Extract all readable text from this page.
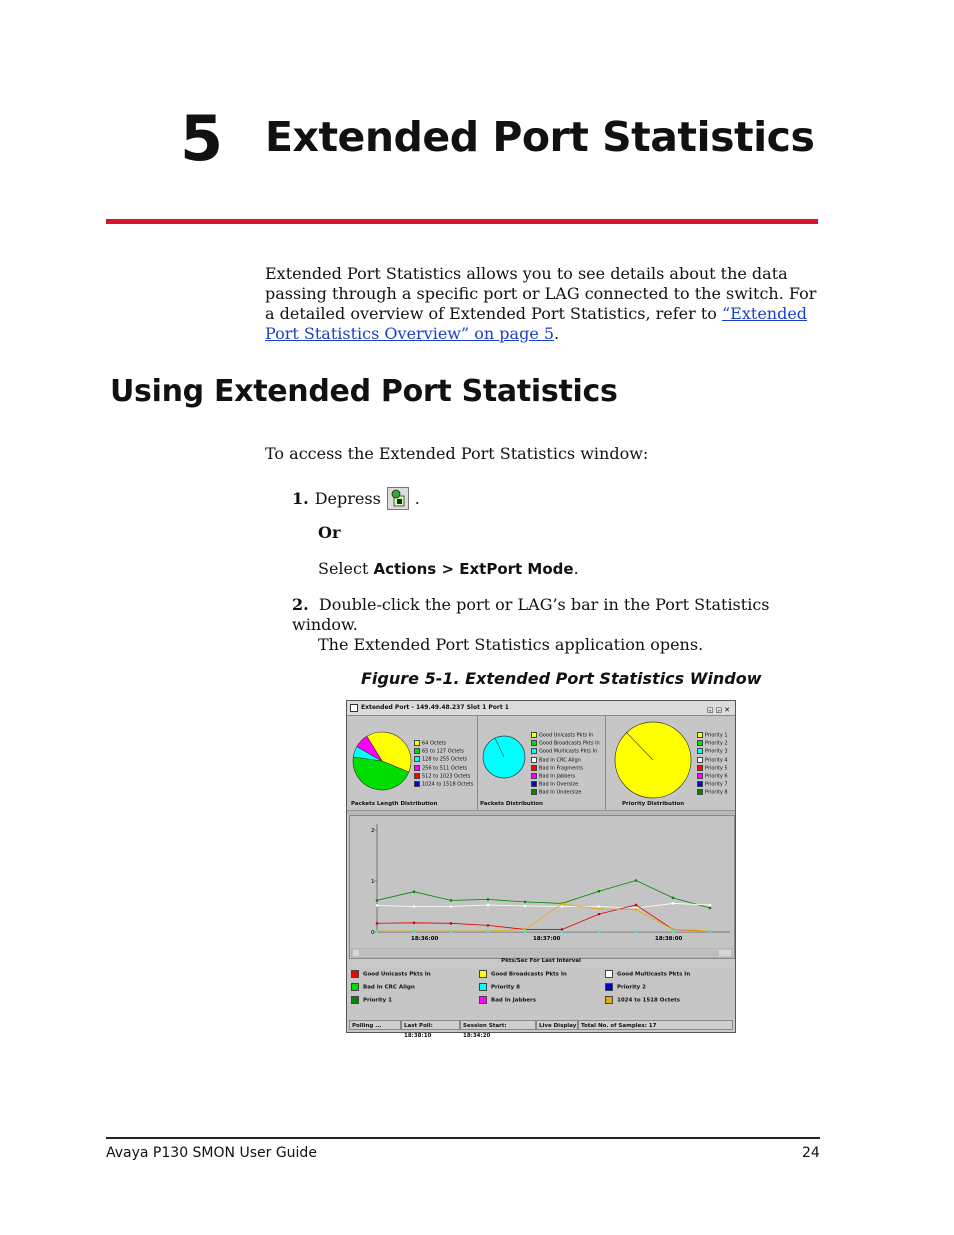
5 Extended Port Statistics
Extended Port Statistics allows you to see details about the data passing through a specific port or LAG connected to the switch. For a detailed overview of Extended Port Statistics, refer to “Extended Port Statistics Overview” on page 5.
Using Extended Port Statistics
To access the Extended Port Statistics window:
1. Depress .
Or
Select Actions > ExtPort Mode.
2. Double-click the port or LAG’s bar in the Port Statistics window.
The Extended Port Statistics application opens.
Figure 5-1. Extended Port Statistics Window
Extended Port - 149.49.48.237 Slot 1 Port 1	◱◲✕
64 Octets
65 to 127 Octets
128 to 255 Octets
256 to 511 Octets
512 to 1023 Octets
1024 to 1518 Octets
Packets Length Distribution
Good Unicasts Pkts In
Good Broadcasts Pkts In
Good Multicasts Pkts In
Bad In CRC Align
Bad In Fragments
Bad In Jabbers
Bad In Oversize
Bad In Undersize
Packets Distribution
Priority 1
Priority 2
Priority 3
Priority 4
Priority 5
Priority 6
Priority 7
Priority 8
Priority Distribution
2
1
0
18:36:00	18:37:00	18:38:00
Pkts/Sec For Last Interval
Good Unicasts Pkts In	Good Broadcasts Pkts In	Good Multicasts Pkts In
Bad In CRC Align	Priority 8	Priority 2
Priority 1	Bad In Jabbers	1024 to 1518 Octets
Polling ...	Last Poll: 18:38:10
Session Start: 18:34:20
Live Display Total No. of Samples: 17
Avaya P130 SMON User Guide	24
